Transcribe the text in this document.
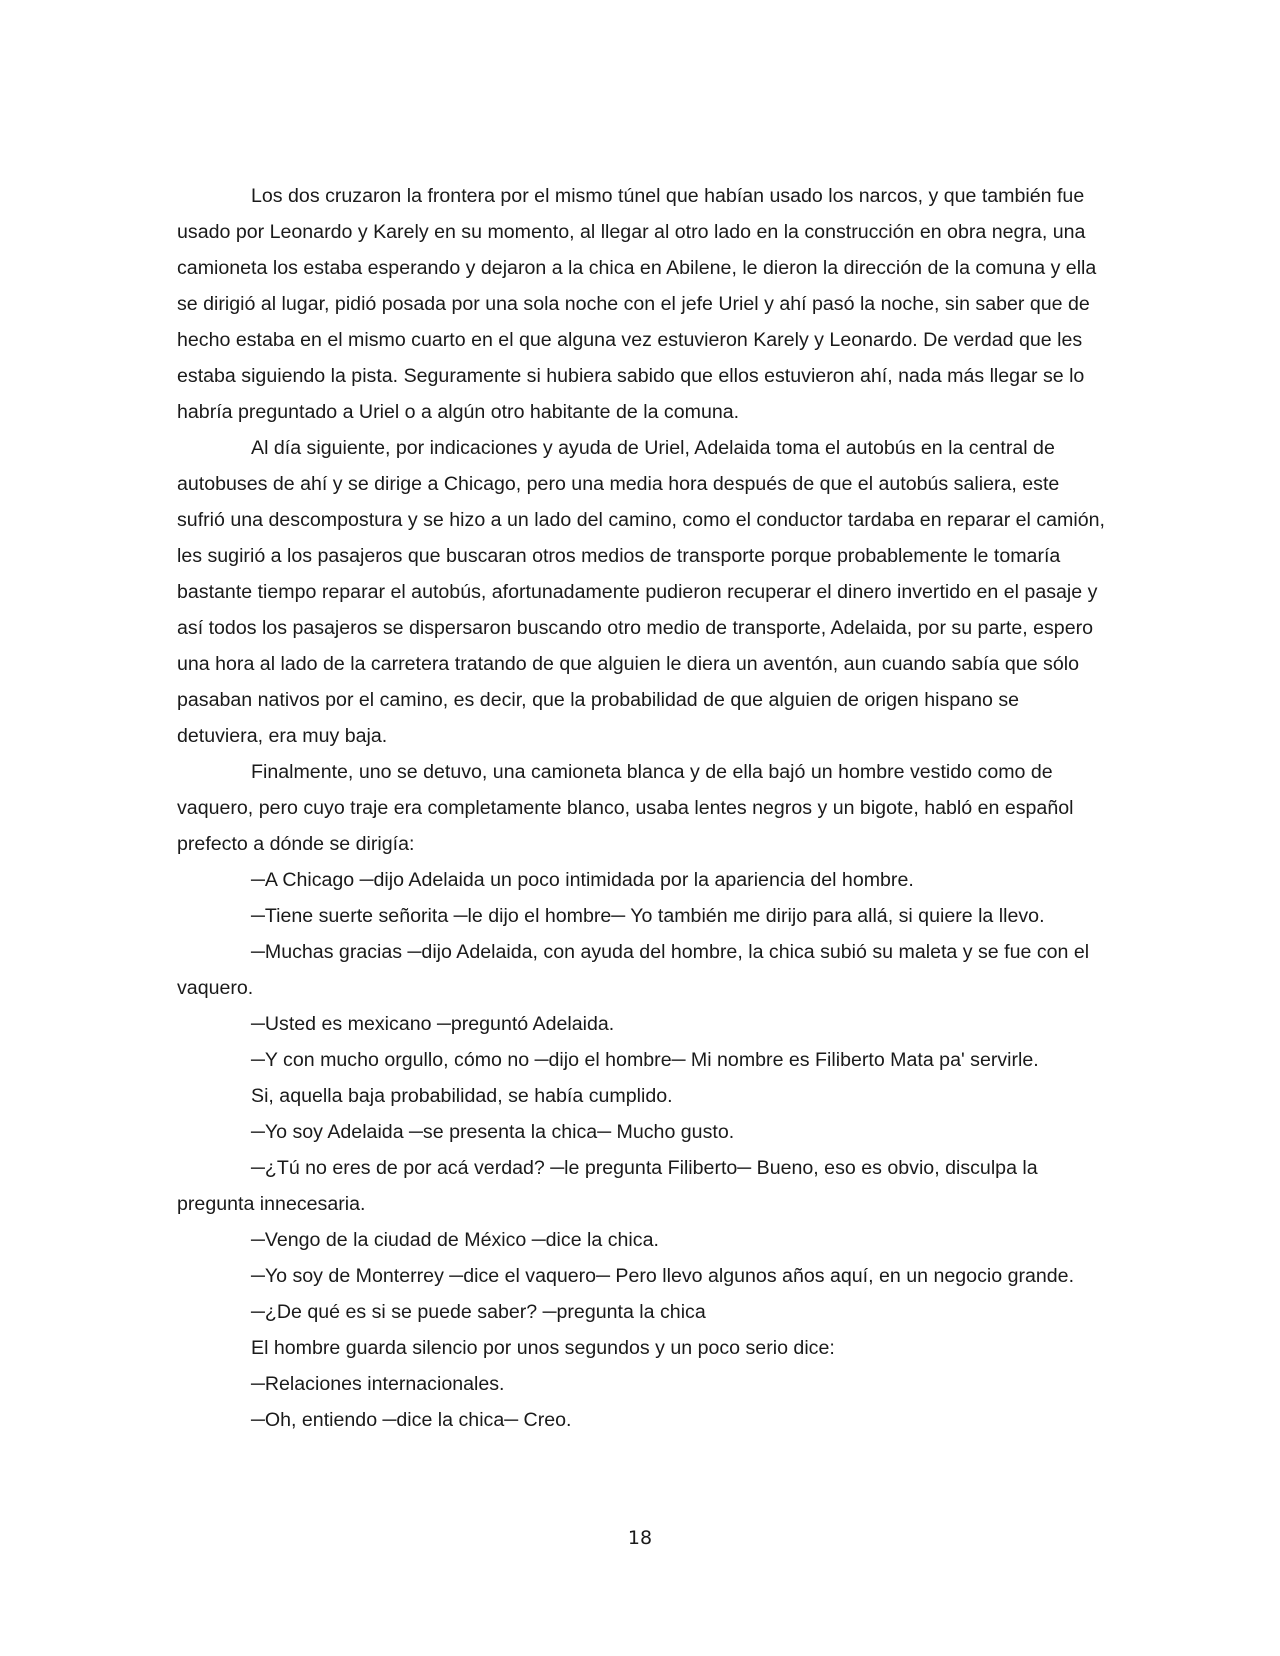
Los dos cruzaron la frontera por el mismo túnel que habían usado los narcos, y que también fue usado por Leonardo y Karely en su momento, al llegar al otro lado en la construcción en obra negra, una camioneta los estaba esperando y dejaron a la chica en Abilene, le dieron la dirección de la comuna y ella se dirigió al lugar, pidió posada por una sola noche con el jefe Uriel y ahí pasó la noche, sin saber que de hecho estaba en el mismo cuarto en el que alguna vez estuvieron Karely y Leonardo. De verdad que les estaba siguiendo la pista. Seguramente si hubiera sabido que ellos estuvieron ahí, nada más llegar se lo habría preguntado a Uriel o a algún otro habitante de la comuna.

Al día siguiente, por indicaciones y ayuda de Uriel, Adelaida toma el autobús en la central de autobuses de ahí y se dirige a Chicago, pero una media hora después de que el autobús saliera, este sufrió una descompostura y se hizo a un lado del camino, como el conductor tardaba en reparar el camión, les sugirió a los pasajeros que buscaran otros medios de transporte porque probablemente le tomaría bastante tiempo reparar el autobús, afortunadamente pudieron recuperar el dinero invertido en el pasaje y así todos los pasajeros se dispersaron buscando otro medio de transporte, Adelaida, por su parte, espero una hora al lado de la carretera tratando de que alguien le diera un aventón, aun cuando sabía que sólo pasaban nativos por el camino, es decir, que la probabilidad de que alguien de origen hispano se detuviera, era muy baja.

Finalmente, uno se detuvo, una camioneta blanca y de ella bajó un hombre vestido como de vaquero, pero cuyo traje era completamente blanco, usaba lentes negros y un bigote, habló en español prefecto a dónde se dirigía:

─A Chicago ─dijo Adelaida un poco intimidada por la apariencia del hombre.

─Tiene suerte señorita ─le dijo el hombre─ Yo también me dirijo para allá, si quiere la llevo.

─Muchas gracias ─dijo Adelaida, con ayuda del hombre, la chica subió su maleta y se fue con el vaquero.

─Usted es mexicano ─preguntó Adelaida.

─Y con mucho orgullo, cómo no ─dijo el hombre─ Mi nombre es Filiberto Mata pa' servirle.

Si, aquella baja probabilidad, se había cumplido.

─Yo soy Adelaida ─se presenta la chica─ Mucho gusto.

─¿Tú no eres de por acá verdad? ─le pregunta Filiberto─ Bueno, eso es obvio, disculpa la pregunta innecesaria.

─Vengo de la ciudad de México ─dice la chica.

─Yo soy de Monterrey ─dice el vaquero─ Pero llevo algunos años aquí, en un negocio grande.

─¿De qué es si se puede saber? ─pregunta la chica

El hombre guarda silencio por unos segundos y un poco serio dice:

─Relaciones internacionales.

─Oh, entiendo ─dice la chica─ Creo.

18
